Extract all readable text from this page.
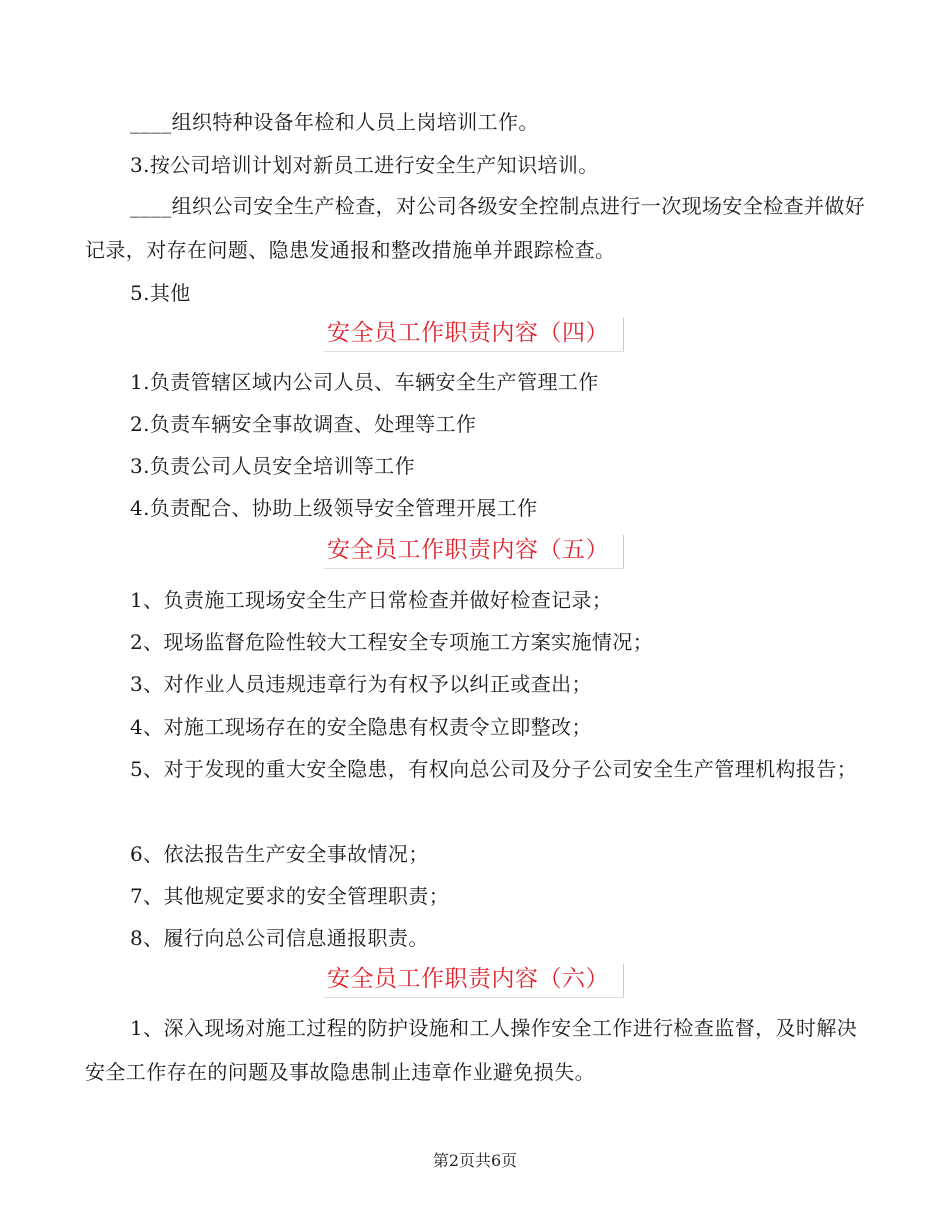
____组织特种设备年检和人员上岗培训工作。
3.按公司培训计划对新员工进行安全生产知识培训。
____组织公司安全生产检查，对公司各级安全控制点进行一次现场安全检查并做好记录，对存在问题、隐患发通报和整改措施单并跟踪检查。
5.其他
安全员工作职责内容（四）
1.负责管辖区域内公司人员、车辆安全生产管理工作
2.负责车辆安全事故调查、处理等工作
3.负责公司人员安全培训等工作
4.负责配合、协助上级领导安全管理开展工作
安全员工作职责内容（五）
1、负责施工现场安全生产日常检查并做好检查记录；
2、现场监督危险性较大工程安全专项施工方案实施情况；
3、对作业人员违规违章行为有权予以纠正或查出；
4、对施工现场存在的安全隐患有权责令立即整改；
5、对于发现的重大安全隐患，有权向总公司及分子公司安全生产管理机构报告；
6、依法报告生产安全事故情况；
7、其他规定要求的安全管理职责；
8、履行向总公司信息通报职责。
安全员工作职责内容（六）
1、深入现场对施工过程的防护设施和工人操作安全工作进行检查监督，及时解决安全工作存在的问题及事故隐患制止违章作业避免损失。
第2页共6页
